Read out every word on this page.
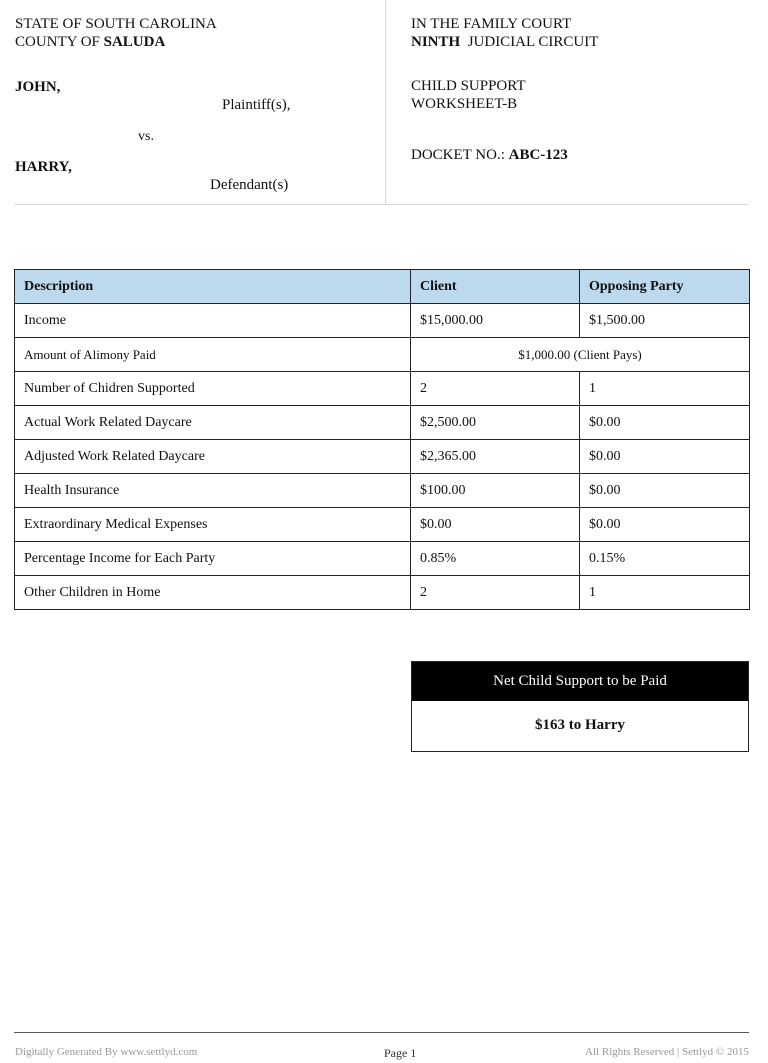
STATE OF SOUTH CAROLINA
COUNTY OF SALUDA
JOHN,
Plaintiff(s),
vs.
HARRY,
Defendant(s)
IN THE FAMILY COURT
NINTH JUDICIAL CIRCUIT
CHILD SUPPORT
WORKSHEET-B
DOCKET NO.: ABC-123
Description	Client	Opposing Party
Income	$15,000.00	$1,500.00
Amount of Alimony Paid	$1,000.00 (Client Pays)	
Number of Chidren Supported	2	1
Actual Work Related Daycare	$2,500.00	$0.00
Adjusted Work Related Daycare	$2,365.00	$0.00
Health Insurance	$100.00	$0.00
Extraordinary Medical Expenses	$0.00	$0.00
Percentage Income for Each Party	0.85%	0.15%
Other Children in Home	2	1
Net Child Support to be Paid
$163 to Harry
Digitally Generated By www.settlyd.com	Page 1	All Rights Reserved | Settlyd © 2015
